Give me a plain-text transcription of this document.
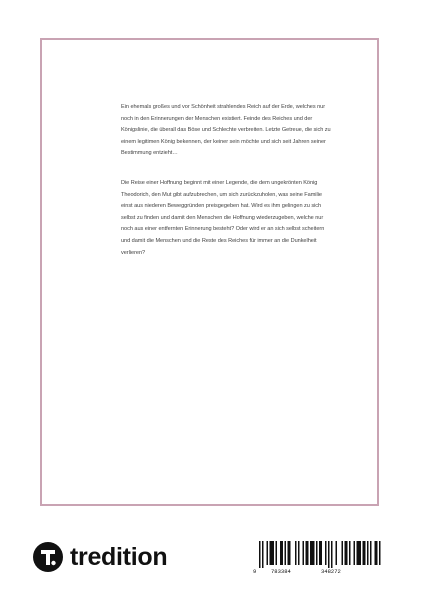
Ein ehemals großes und vor Schönheit strahlendes Reich auf der Erde, welches nur noch in den Erinnerungen der Menschen existiert. Feinde des Reiches und der Königslinie, die überall das Böse und Schlechte verbreiten. Letzte Getreue, die sich zu einem legitimen König bekennen, der keiner sein möchte und sich seit Jahren seiner Bestimmung entzieht…

Die Reise einer Hoffnung beginnt mit einer Legende, die dem ungekrönten König Theodorich, den Mut gibt aufzubrechen, um sich zurückzuholen, was seine Familie einst aus niederen Beweggründen preisgegeben hat. Wird es ihm gelingen zu sich selbst zu finden und damit den Menschen die Hoffnung wiederzugeben, welche nur noch aus einer entfernten Erinnerung besteht? Oder wird er an sich selbst scheitern und damit die Menschen und die Reste des Reiches für immer an die Dunkelheit verlieren?

tredition
9	783384	348272
